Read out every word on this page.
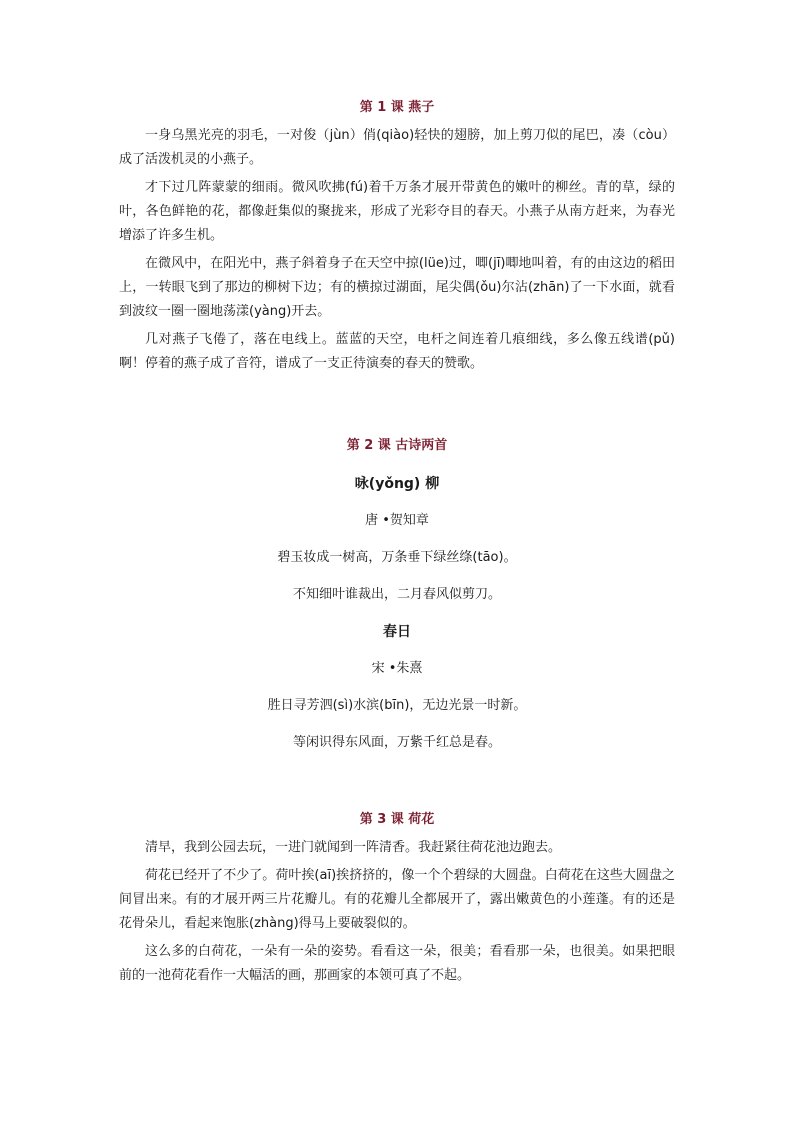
第 1 课 燕子

一身乌黑光亮的羽毛，一对俊（jùn）俏(qiào)轻快的翅膀，加上剪刀似的尾巴，凑（còu）成了活泼机灵的小燕子。

才下过几阵蒙蒙的细雨。微风吹拂(fú)着千万条才展开带黄色的嫩叶的柳丝。青的草，绿的叶，各色鲜艳的花，都像赶集似的聚拢来，形成了光彩夺目的春天。小燕子从南方赶来，为春光增添了许多生机。

在微风中，在阳光中，燕子斜着身子在天空中掠(lüe)过，唧(jī)唧地叫着，有的由这边的稻田上，一转眼飞到了那边的柳树下边；有的横掠过湖面，尾尖偶(ǒu)尔沾(zhān)了一下水面，就看到波纹一圈一圈地荡漾(yàng)开去。

几对燕子飞倦了，落在电线上。蓝蓝的天空，电杆之间连着几痕细线，多么像五线谱(pǔ)啊！停着的燕子成了音符，谱成了一支正待演奏的春天的赞歌。

第 2 课 古诗两首
咏(yǒng) 柳
唐 •贺知章
碧玉妆成一树高，万条垂下绿丝绦(tāo)。
不知细叶谁裁出，二月春风似剪刀。
春日
宋 •朱熹
胜日寻芳泗(sì)水滨(bīn)，无边光景一时新。
等闲识得东风面，万紫千红总是春。
第 3 课 荷花

清早，我到公园去玩，一进门就闻到一阵清香。我赶紧往荷花池边跑去。

荷花已经开了不少了。荷叶挨(aī)挨挤挤的，像一个个碧绿的大圆盘。白荷花在这些大圆盘之间冒出来。有的才展开两三片花瓣儿。有的花瓣儿全都展开了，露出嫩黄色的小莲蓬。有的还是花骨朵儿，看起来饱胀(zhàng)得马上要破裂似的。

这么多的白荷花，一朵有一朵的姿势。看看这一朵，很美；看看那一朵，也很美。如果把眼前的一池荷花看作一大幅活的画，那画家的本领可真了不起。
